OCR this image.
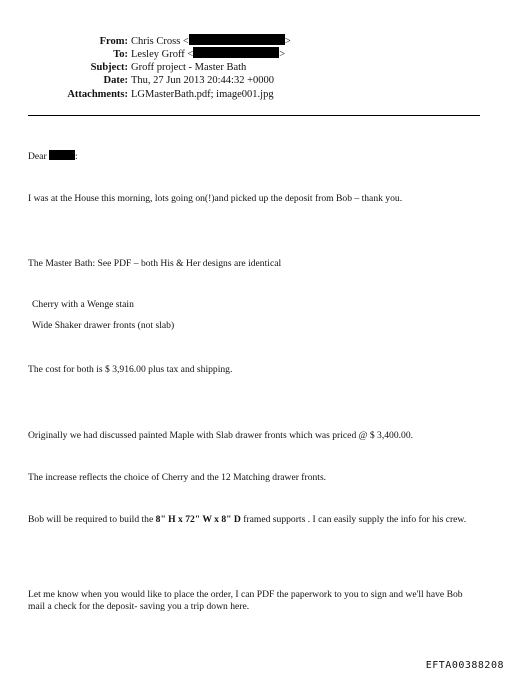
From: Chris Cross <	>
To: Lesley Groff <	>
Subject: Groff project - Master Bath
Date: Thu, 27 Jun 2013 20:44:32 +0000
Attachments: LGMasterBath.pdf; image001.jpg
Dear	:
I was at the House this morning, lots going on(!)and picked up the deposit from Bob – thank you.
The Master Bath: See PDF – both His & Her designs are identical
Cherry with a Wenge stain
Wide Shaker drawer fronts (not slab)
The cost for both is $ 3,916.00 plus tax and shipping.
Originally we had discussed painted Maple with Slab drawer fronts which was priced @ $ 3,400.00.
The increase reflects the choice of Cherry and the 12 Matching drawer fronts.
Bob will be required to build the 8" H x 72" W x 8" D framed supports . I can easily supply the info for his crew.
Let me know when you would like to place the order, I can PDF the paperwork to you to sign and we'll have Bob mail a check for the deposit- saving you a trip down here.
EFTA00388208
